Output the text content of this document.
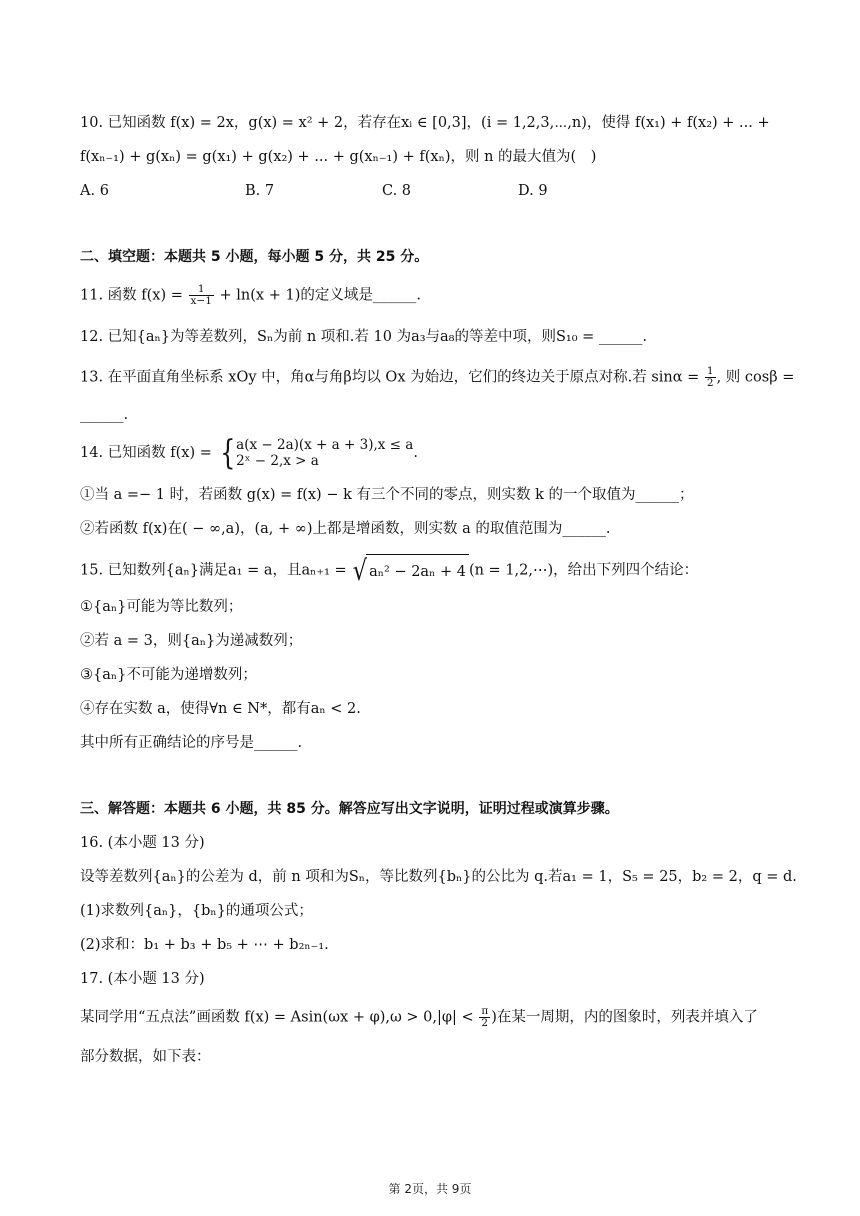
10. 已知函数 f(x) = 2x，g(x) = x² + 2，若存在xᵢ ∈ [0,3]，(i = 1,2,3,⋯,n)，使得 f(x₁) + f(x₂) + ... +
f(xₙ₋₁) + g(xₙ) = g(x₁) + g(x₂) + ... + g(xₙ₋₁) + f(xₙ)，则 n 的最大值为(　)
A. 6	B. 7	C. 8	D. 9
二、填空题：本题共 5 小题，每小题 5 分，共 25 分。
11. 函数 $f(x) = \frac{1}{x-1} + \ln(x + 1)$的定义域是______.
12. 已知{aₙ}为等差数列，Sₙ为前 n 项和.若 10 为a₃与a₈的等差中项，则S₁₀ = ______.
13. 在平面直角坐标系 xOy 中，角α与角β均以 Ox 为始边，它们的终边关于原点对称.若 $\sin\alpha = \frac{1}{2}$ , 则 cosβ =
______.
14. 已知函数 f(x) = { a(x − 2a)(x + a + 3),x ≤ a
2ˣ − 2,x > a	.
①当 a =− 1 时，若函数 g(x) = f(x) − k 有三个不同的零点，则实数 k 的一个取值为______；
②若函数 f(x)在( − ∞,a)，(a, + ∞)上都是增函数，则实数 a 的取值范围为______.
15. 已知数列{aₙ}满足a₁ = a，且aₙ₊₁ = √ aₙ² − 2aₙ + 4 (n = 1,2,⋯)，给出下列四个结论：
①{aₙ}可能为等比数列；
②若 a = 3，则{aₙ}为递减数列；
③{aₙ}不可能为递增数列；
④存在实数 a，使得∀n ∈ N*，都有aₙ < 2.
其中所有正确结论的序号是______.
三、解答题：本题共 6 小题，共 85 分。解答应写出文字说明，证明过程或演算步骤。
16. (本小题 13 分)
设等差数列{aₙ}的公差为 d，前 n 项和为Sₙ，等比数列{bₙ}的公比为 q.若a₁ = 1，S₅ = 25，b₂ = 2，q = d.
(1)求数列{aₙ}，{bₙ}的通项公式；
(2)求和：b₁ + b₃ + b₅ + ⋯ + b₂ₙ₋₁.
17. (本小题 13 分)
某同学用“五点法”画函数 $f(x) = Asin(\omega x + \varphi),\omega > 0,|\varphi| < \frac{\pi}{2}$ )在某一周期，内的图象时，列表并填入了
部分数据，如下表：
第 2页，共 9页
